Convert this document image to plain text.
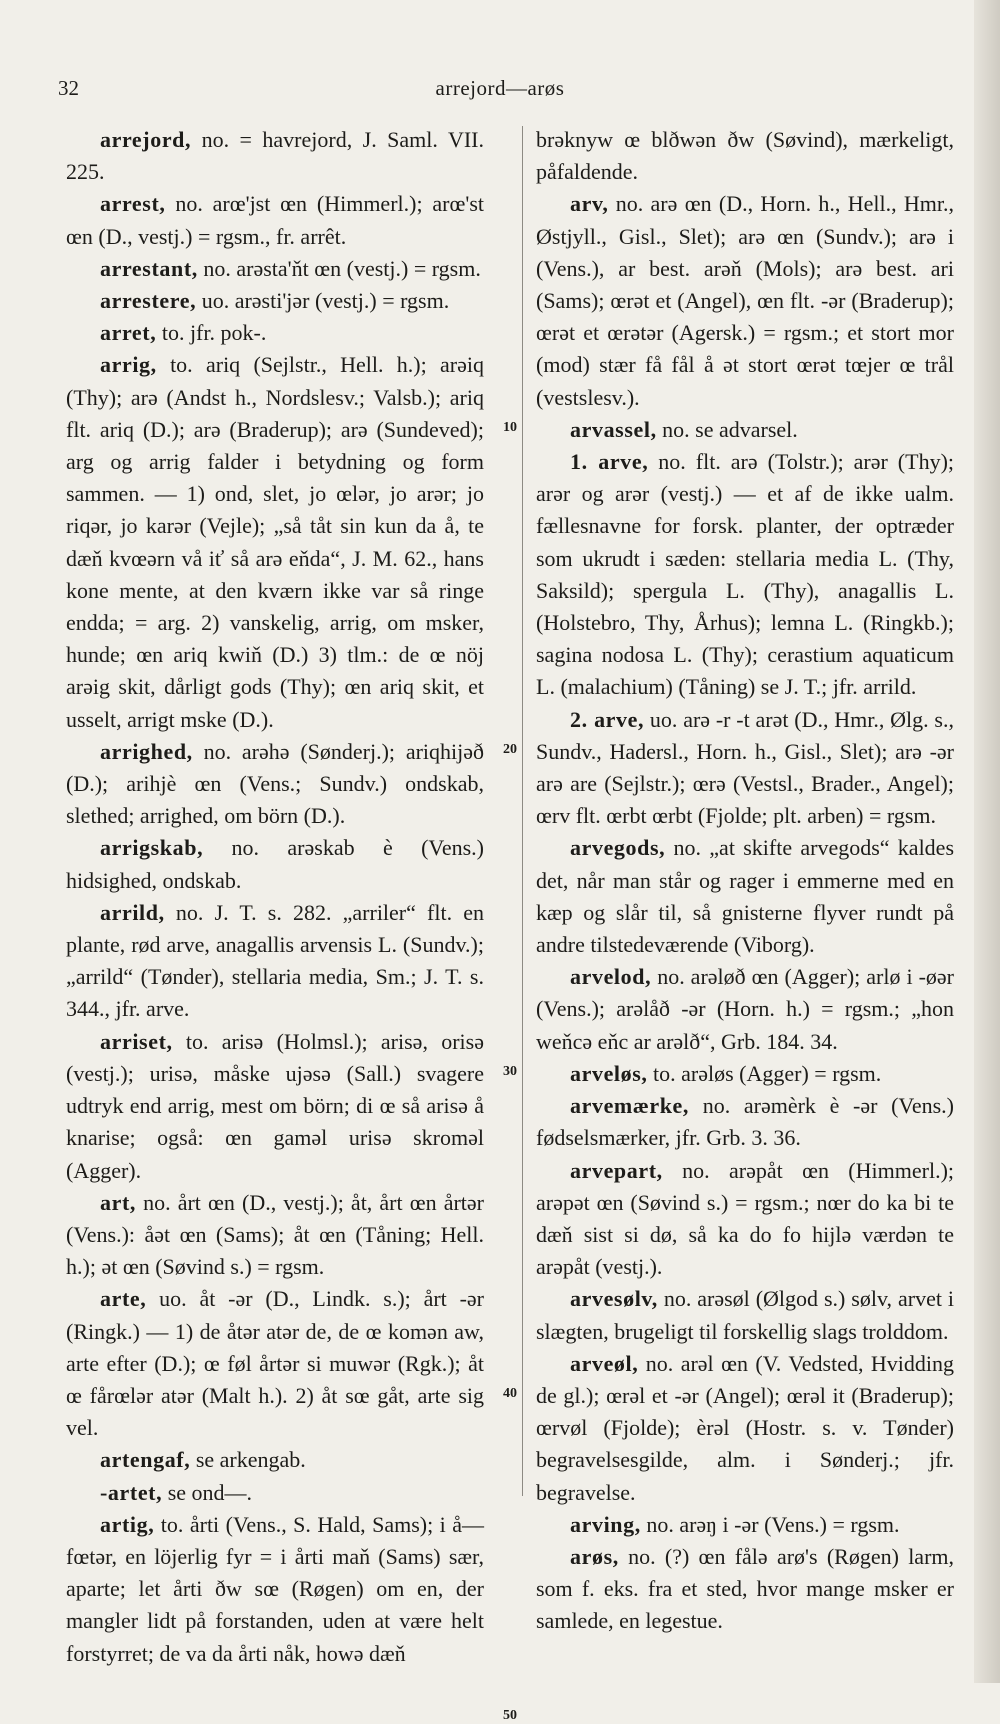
32	arrejord—arøs

arrejord, no. = havrejord, J. Saml. VII. 225.

arrest, no. arœ'jst œn (Himmerl.); arœ'st œn (D., vestj.) = rgsm., fr. arrêt.

arrestant, no. arəsta'ňt œn (vestj.) = rgsm.

arrestere, uo. arəsti'jər (vestj.) = rgsm.

arret, to. jfr. pok-.

arrig, to. ariq (Sejlstr., Hell. h.); arəiq (Thy); arə (Andst h., Nordslesv.; Valsb.); ariq flt. ariq (D.); arə (Braderup); arə (Sundeved); arg og arrig falder i betydning og form sammen. — 1) ond, slet, jo œlər, jo arər; jo riqər, jo karər (Vejle); „så tåt sin kun da å, te dæň kvœərn vå iť så arə eňda“, J. M. 62., hans kone mente, at den kværn ikke var så ringe endda; = arg. 2) vanskelig, arrig, om msker, hunde; œn ariq kwiň (D.) 3) tlm.: de œ nöj arəig skit, dårligt gods (Thy); œn ariq skit, et usselt, arrigt mske (D.).

arrighed, no. arəhə (Sønderj.); ariqhijəð (D.); arihjè œn (Vens.; Sundv.) ondskab, slethed; arrighed, om börn (D.).

arrigskab, no. arəskab è (Vens.) hidsighed, ondskab.

arrild, no. J. T. s. 282. „arriler“ flt. en plante, rød arve, anagallis arvensis L. (Sundv.); „arrild“ (Tønder), stellaria media, Sm.; J. T. s. 344., jfr. arve.

arriset, to. arisə (Holmsl.); arisə, orisə (vestj.); urisə, måske ujəsə (Sall.) svagere udtryk end arrig, mest om börn; di œ så arisə å knarise; også: œn gaməl urisə skroməl (Agger).

art, no. årt œn (D., vestj.); åt, årt œn årtər (Vens.): åət œn (Sams); åt œn (Tåning; Hell. h.); ət œn (Søvind s.) = rgsm.

arte, uo. åt -ər (D., Lindk. s.); årt -ər (Ringk.) — 1) de åtər atər de, de œ komən aw, arte efter (D.); œ føl årtər si muwər (Rgk.); åt œ fårœlər atər (Malt h.). 2) åt sœ gåt, arte sig vel.

artengaf, se arkengab.

-artet, se ond—.

artig, to. årti (Vens., S. Hald, Sams); i å— fœtər, en löjerlig fyr = i årti maň (Sams) sær, aparte; let årti ðw sœ (Røgen) om en, der mangler lidt på forstanden, uden at være helt forstyrret; de va da årti nåk, howə dæň

brəknyw œ blðwən ðw (Søvind), mærkeligt, påfaldende.

arv, no. arə œn (D., Horn. h., Hell., Hmr., Østjyll., Gisl., Slet); arə œn (Sundv.); arə i (Vens.), ar best. arəň (Mols); arə best. ari (Sams); œrət et (Angel), œn flt. -ər (Braderup); œrət et œrətər (Agersk.) = rgsm.; et stort mor (mod) stær få fål å ət stort œrət tœjer œ trål (vestslesv.).

arvassel, no. se advarsel.

1. arve, no. flt. arə (Tolstr.); arər (Thy); arər og arər (vestj.) — et af de ikke ualm. fællesnavne for forsk. planter, der optræder som ukrudt i sæden: stellaria media L. (Thy, Saksild); spergula L. (Thy), anagallis L. (Holstebro, Thy, Århus); lemna L. (Ringkb.); sagina nodosa L. (Thy); cerastium aquaticum L. (malachium) (Tåning) se J. T.; jfr. arrild.

2. arve, uo. arə -r -t arət (D., Hmr., Ølg. s., Sundv., Hadersl., Horn. h., Gisl., Slet); arə -ər arə are (Sejlstr.); œrə (Vestsl., Brader., Angel); œrv flt. œrbt œrbt (Fjolde; plt. arben) = rgsm.

arvegods, no. „at skifte arvegods“ kaldes det, når man står og rager i emmerne med en kæp og slår til, så gnisterne flyver rundt på andre tilstedeværende (Viborg).

arvelod, no. arəløð œn (Agger); arlø i -øər (Vens.); arəlåð -ər (Horn. h.) = rgsm.; „hon weňcə eňc ar arəlð“, Grb. 184. 34.

arveløs, to. arəløs (Agger) = rgsm.

arvemærke, no. arəmèrk è -ər (Vens.) fødselsmærker, jfr. Grb. 3. 36.

arvepart, no. arəpåt œn (Himmerl.); arəpət œn (Søvind s.) = rgsm.; nœr do ka bi te dæň sist si dø, så ka do fo hijlə værdən te arəpåt (vestj.).

arvesølv, no. arəsøl (Ølgod s.) sølv, arvet i slægten, brugeligt til forskellig slags trolddom.

arveøl, no. arəl œn (V. Vedsted, Hvidding de gl.); œrəl et -ər (Angel); œrəl it (Braderup); œrvøl (Fjolde); èrəl (Hostr. s. v. Tønder) begravelsesgilde, alm. i Sønderj.; jfr. begravelse.

arving, no. arəŋ i -ər (Vens.) = rgsm.

arøs, no. (?) œn fålə arø's (Røgen) larm, som f. eks. fra et sted, hvor mange msker er samlede, en legestue.

10
20
30
40
50
